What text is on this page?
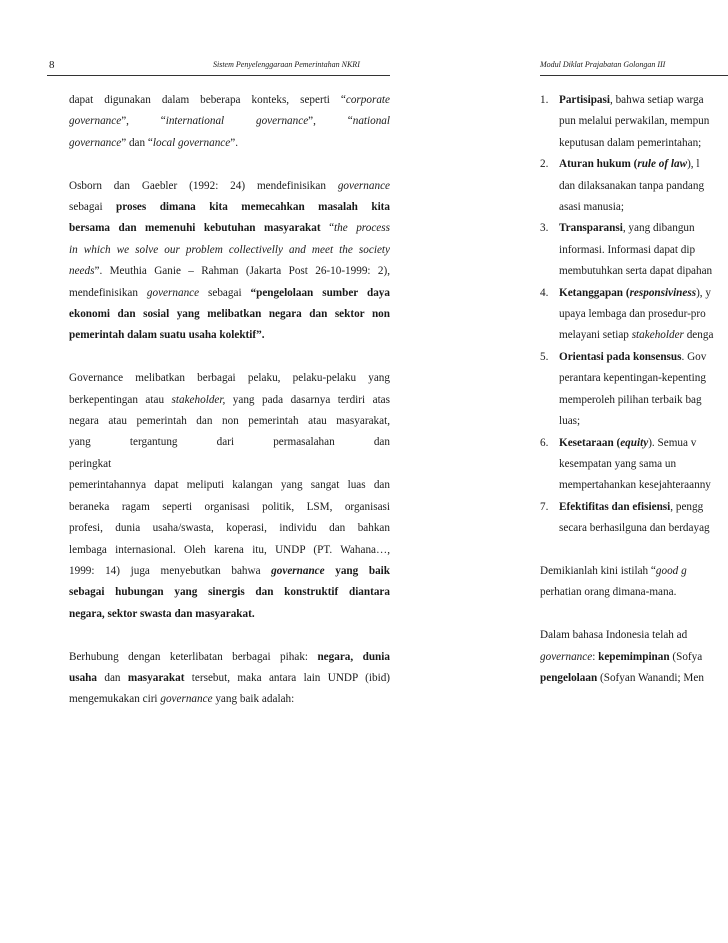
8	Sistem Penyelenggaraan Pemerintahan NKRI	Modul Diklat Prajabatan Golongan III
dapat digunakan dalam beberapa konteks, seperti “corporate
governance”,	“international	governance”,	“national
governance” dan “local governance”.
Osborn dan Gaebler (1992: 24) mendefinisikan governance
sebagai proses dimana kita memecahkan masalah kita
bersama dan memenuhi kebutuhan masyarakat “the process
in which we solve our problem collectivelly and meet the society
needs”. Meuthia Ganie – Rahman (Jakarta Post 26-10-1999: 2),
mendefinisikan governance sebagai “pengelolaan sumber daya
ekonomi dan sosial yang melibatkan negara dan sektor non
pemerintah dalam suatu usaha kolektif”.
Governance melibatkan berbagai pelaku, pelaku-pelaku yang
berkepentingan atau stakeholder, yang pada dasarnya terdiri atas
negara atau pemerintah dan non pemerintah atau masyarakat,
yang tergantung dari permasalahan dan peringkat
pemerintahannya dapat meliputi kalangan yang sangat luas dan
beraneka ragam seperti organisasi politik, LSM, organisasi
profesi, dunia usaha/swasta, koperasi, individu dan bahkan
lembaga internasional. Oleh karena itu, UNDP (PT. Wahana…,
1999: 14) juga menyebutkan bahwa governance yang baik
sebagai hubungan yang sinergis dan konstruktif diantara
negara, sektor swasta dan masyarakat.
Berhubung dengan keterlibatan berbagai pihak: negara, dunia
usaha dan masyarakat tersebut, maka antara lain UNDP (ibid)
mengemukakan ciri governance yang baik adalah:
1. Partisipasi, bahwa setiap warga
pun melalui perwakilan, mempun
keputusan dalam pemerintahan;
2. Aturan hukum (rule of law), l
dan dilaksanakan tanpa pandang
asasi manusia;
3. Transparansi, yang dibangun
informasi. Informasi dapat dip
membutuhkan serta dapat dipahan
4. Ketanggapan (responsiviness), y
upaya lembaga dan prosedur-pro
melayani setiap stakeholder denga
5. Orientasi pada konsensus. Gov
perantara kepentingan-kepenting
memperoleh pilihan terbaik bag
luas;
6. Kesetaraan (equity). Semua v
kesempatan yang sama un
mempertahankan kesejahteraanny
7. Efektifitas dan efisiensi, pengg
secara berhasilguna dan berdayag
Demikianlah kini istilah “good g
perhatian orang dimana-mana.
Dalam bahasa Indonesia telah ad
governance: kepemimpinan (Sofya
pengelolaan (Sofyan Wanandi; Men
